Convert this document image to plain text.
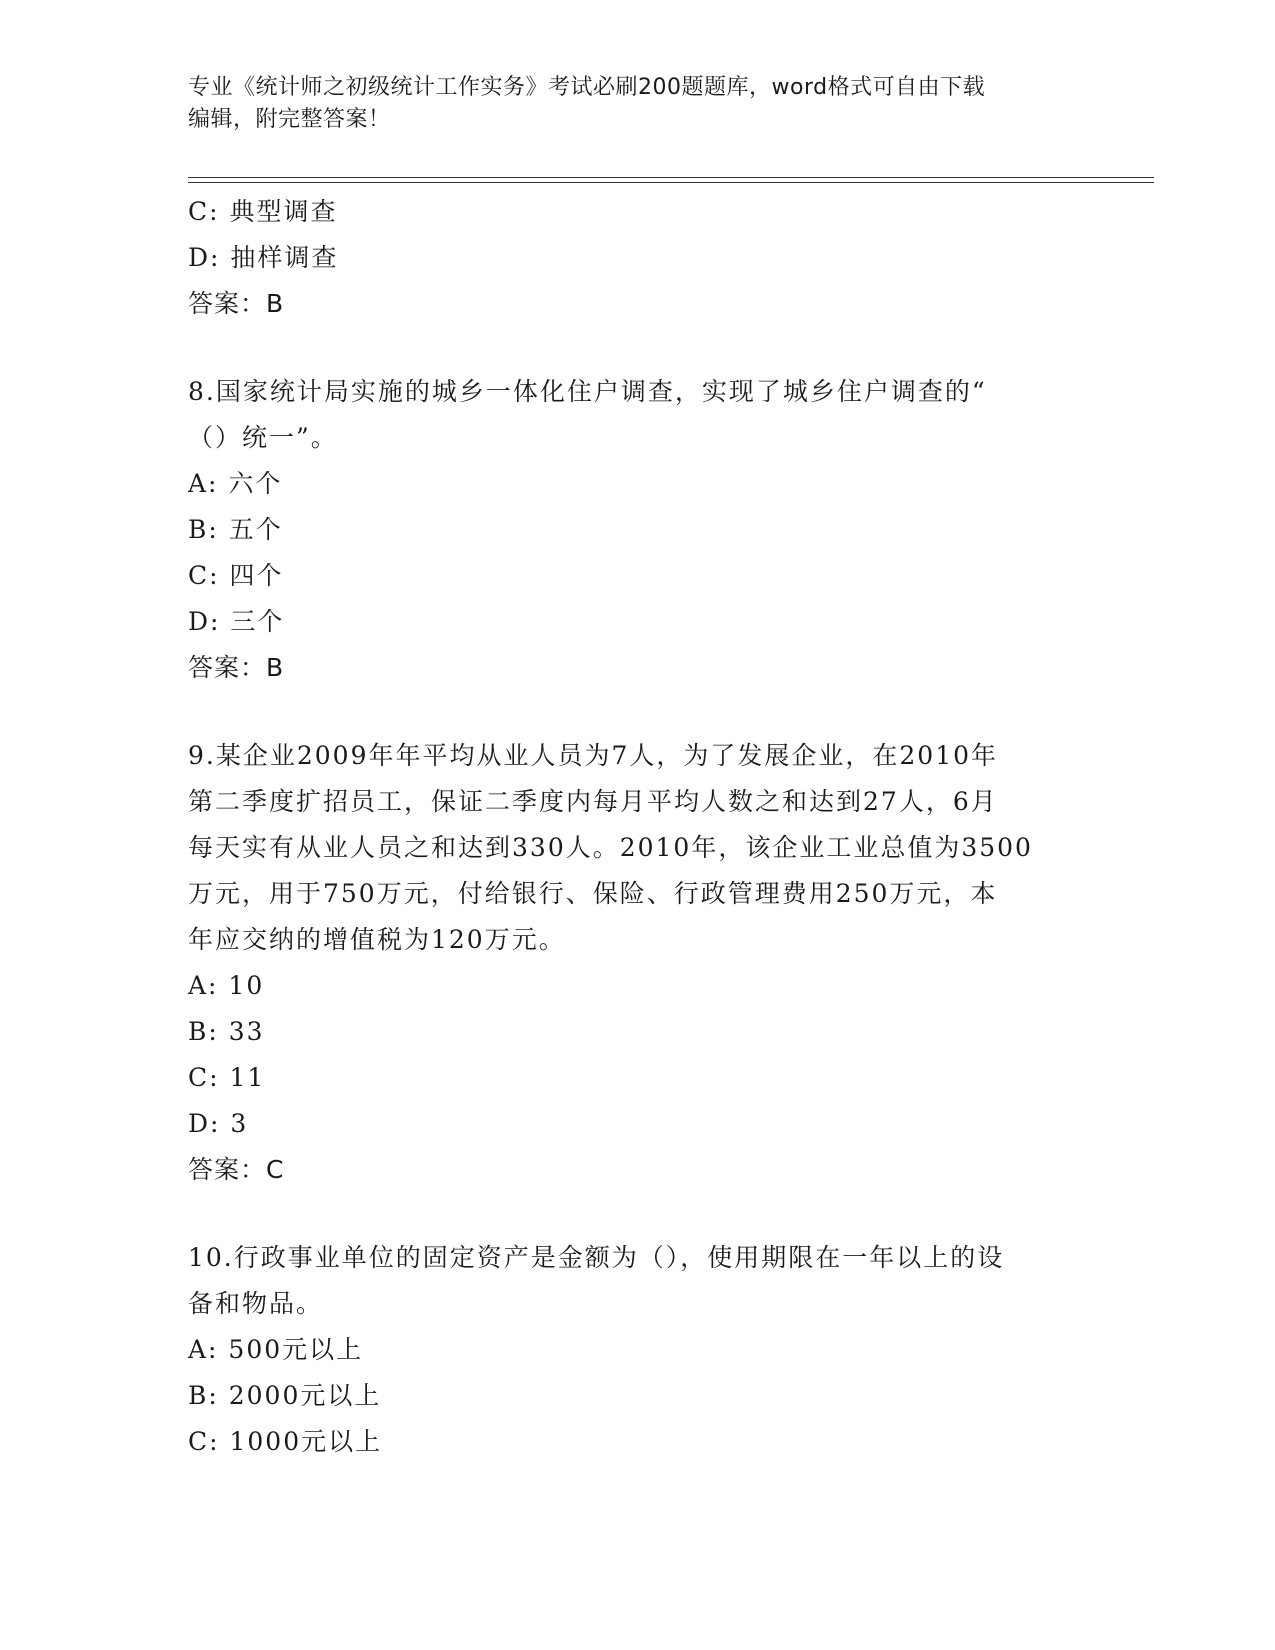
专业《统计师之初级统计工作实务》考试必刷200题题库，word格式可自由下载
编辑，附完整答案！
C: 典型调查
D: 抽样调查
答案：B
8.国家统计局实施的城乡一体化住户调查，实现了城乡住户调查的“
（）统一”。
A: 六个
B: 五个
C: 四个
D: 三个
答案：B
9.某企业2009年年平均从业人员为7人，为了发展企业，在2010年
第二季度扩招员工，保证二季度内每月平均人数之和达到27人，6月
每天实有从业人员之和达到330人。2010年，该企业工业总值为3500
万元，用于750万元，付给银行、保险、行政管理费用250万元，本
年应交纳的增值税为120万元。
A: 10
B: 33
C: 11
D: 3
答案：C
10.行政事业单位的固定资产是金额为（），使用期限在一年以上的设
备和物品。
A: 500元以上
B: 2000元以上
C: 1000元以上
